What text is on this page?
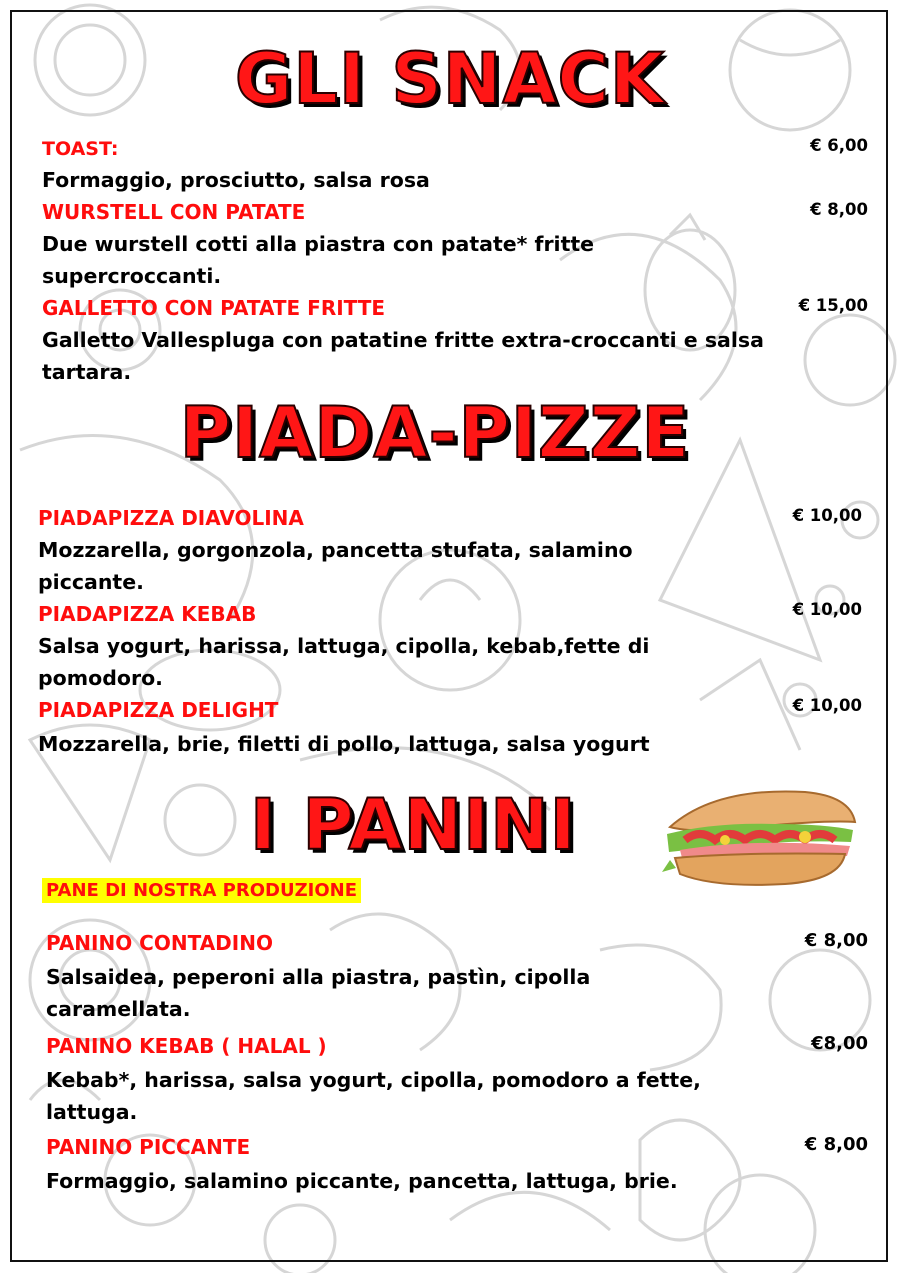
GLI SNACK
TOAST:	€ 6,00
Formaggio, prosciutto, salsa rosa
WURSTELL CON PATATE	€ 8,00
Due wurstell cotti alla piastra con patate* fritte supercroccanti.
GALLETTO CON PATATE FRITTE	€ 15,00
Galletto Vallespluga con patatine fritte extra-croccanti e salsa tartara.
PIADA-PIZZE
PIADAPIZZA DIAVOLINA	€ 10,00
Mozzarella, gorgonzola, pancetta stufata, salamino piccante.
PIADAPIZZA KEBAB	€ 10,00
Salsa yogurt, harissa, lattuga, cipolla, kebab,fette di pomodoro.
PIADAPIZZA DELIGHT	€ 10,00
Mozzarella, brie, filetti di pollo, lattuga, salsa yogurt
I PANINI
PANE DI NOSTRA PRODUZIONE
PANINO CONTADINO	€ 8,00
Salsaidea, peperoni alla piastra, pastìn, cipolla caramellata.
PANINO KEBAB ( HALAL )	€8,00
Kebab*, harissa, salsa yogurt, cipolla, pomodoro a fette, lattuga.
PANINO PICCANTE	€ 8,00
Formaggio, salamino piccante, pancetta, lattuga, brie.
